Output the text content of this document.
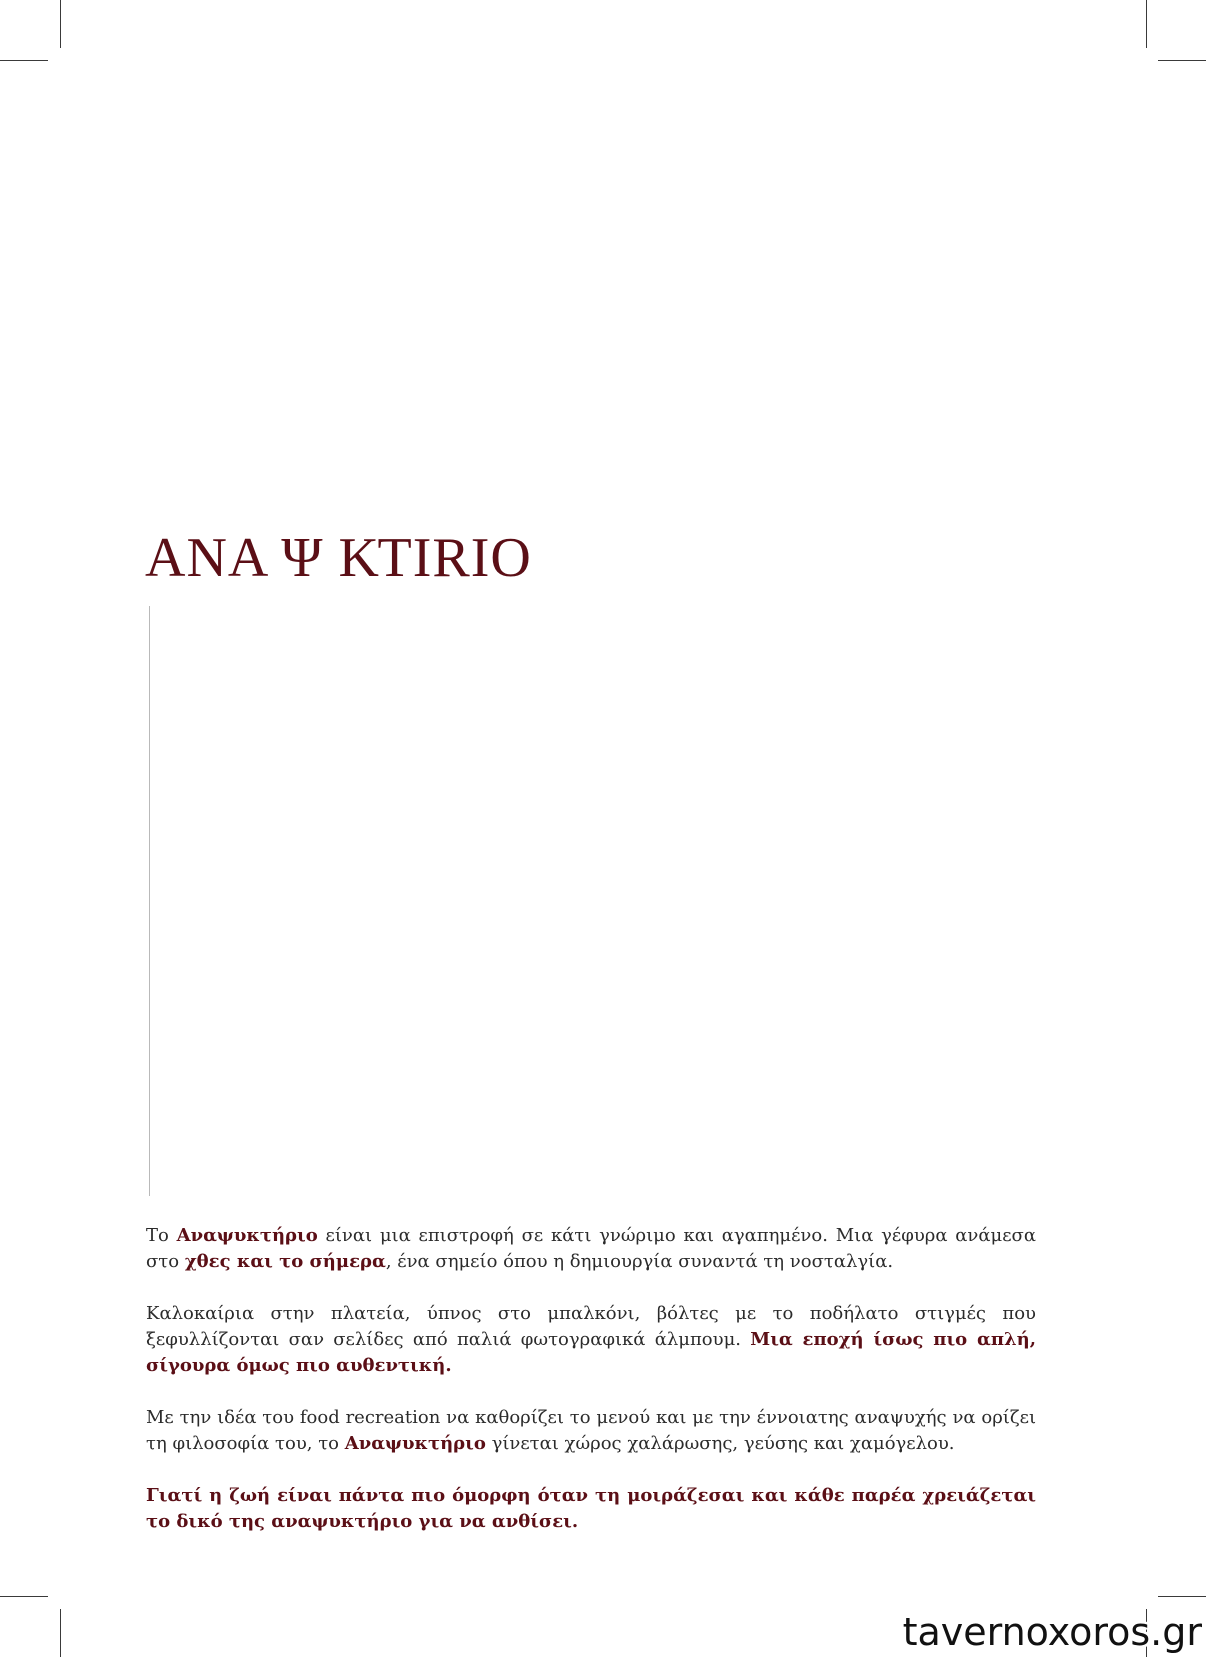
ΑΝΑ Ψ ΚΤΙRΙΟ

Το Αναψυκτήριο είναι μια επιστροφή σε κάτι γνώριμο και αγαπημένο. Μια γέφυρα ανάμεσα στο χθες και το σήμερα, ένα σημείο όπου η δημιουργία συναντά τη νοσταλγία.

Καλοκαίρια στην πλατεία, ύπνος στο μπαλκόνι, βόλτες με το ποδήλατο στιγμές που ξεφυλλίζονται σαν σελίδες από παλιά φωτογραφικά άλμπουμ. Μια εποχή ίσως πιο απλή, σίγουρα όμως πιο αυθεντική.

Με την ιδέα του food recreation να καθορίζει το μενού και με την έννοιατης αναψυχής να ορίζει τη φιλοσοφία του, το Αναψυκτήριο γίνεται χώρος χαλάρωσης, γεύσης και χαμόγελου.

Γιατί η ζωή είναι πάντα πιο όμορφη όταν τη μοιράζεσαι και κάθε παρέα χρειάζεται το δικό της αναψυκτήριο για να ανθίσει.

tavernoxoros.gr
